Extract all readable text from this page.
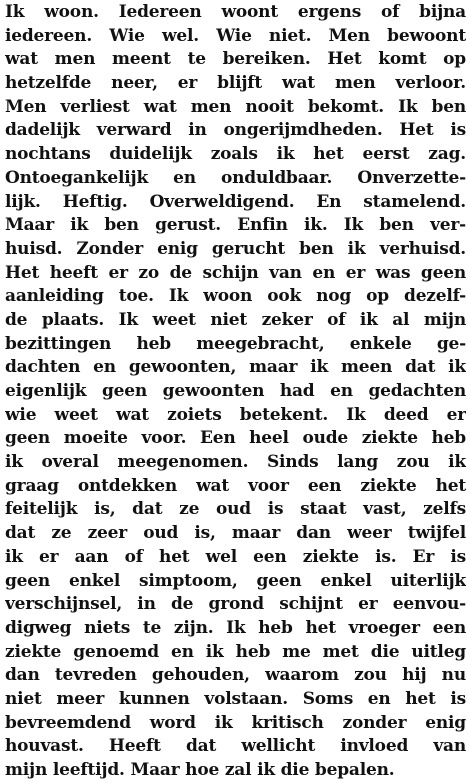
Ik woon. Iedereen woont ergens of bijna
iedereen. Wie wel. Wie niet. Men bewoont
wat men meent te bereiken. Het komt op
hetzelfde neer, er blijft wat men verloor.
Men verliest wat men nooit bekomt. Ik ben
dadelijk verward in ongerijmdheden. Het is
nochtans duidelijk zoals ik het eerst zag.
Ontoegankelijk en onduldbaar. Onverzette-
lijk. Heftig. Overweldigend. En stamelend.
Maar ik ben gerust. Enfin ik. Ik ben ver-
huisd. Zonder enig gerucht ben ik verhuisd.
Het heeft er zo de schijn van en er was geen
aanleiding toe. Ik woon ook nog op dezelf-
de plaats. Ik weet niet zeker of ik al mijn
bezittingen heb meegebracht, enkele ge-
dachten en gewoonten, maar ik meen dat ik
eigenlijk geen gewoonten had en gedachten
wie weet wat zoiets betekent. Ik deed er
geen moeite voor. Een heel oude ziekte heb
ik overal meegenomen. Sinds lang zou ik
graag ontdekken wat voor een ziekte het
feitelijk is, dat ze oud is staat vast, zelfs
dat ze zeer oud is, maar dan weer twijfel
ik er aan of het wel een ziekte is. Er is
geen enkel simptoom, geen enkel uiterlijk
verschijnsel, in de grond schijnt er eenvou-
digweg niets te zijn. Ik heb het vroeger een
ziekte genoemd en ik heb me met die uitleg
dan tevreden gehouden, waarom zou hij nu
niet meer kunnen volstaan. Soms en het is
bevreemdend word ik kritisch zonder enig
houvast. Heeft dat wellicht invloed van
mijn leeftijd. Maar hoe zal ik die bepalen.
